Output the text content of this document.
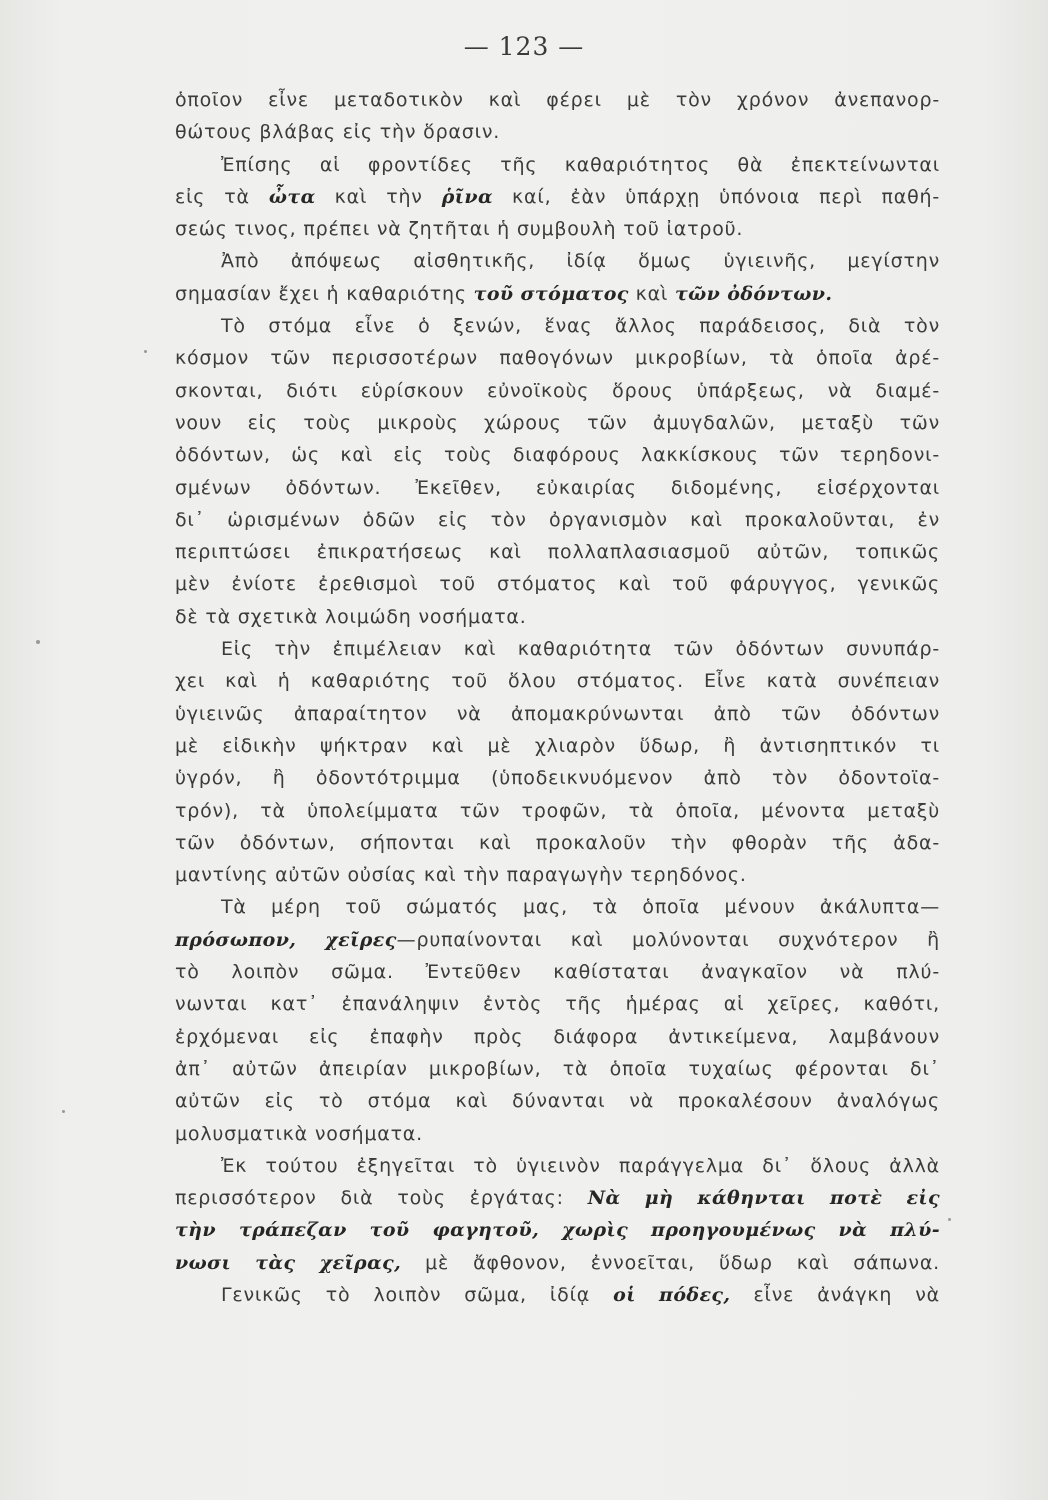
— 123 —
ὁποῖον εἶνε μεταδοτικὸν καὶ φέρει μὲ τὸν χρόνον ἀνεπανορ-
θώτους βλάβας εἰς τὴν ὅρασιν.
Ἐπίσης αἱ φροντίδες τῆς καθαριότητος θὰ ἐπεκτείνωνται
εἰς τὰ ὦτα καὶ τὴν ῥῖνα καί, ἐὰν ὑπάρχῃ ὑπόνοια περὶ παθή-
σεώς τινος, πρέπει νὰ ζητῆται ἡ συμβουλὴ τοῦ ἰατροῦ.
Ἀπὸ ἀπόψεως αἰσθητικῆς, ἰδίᾳ ὅμως ὑγιεινῆς, μεγίστην
σημασίαν ἔχει ἡ καθαριότης τοῦ στόματος καὶ τῶν ὀδόντων.
Τὸ στόμα εἶνε ὁ ξενών, ἕνας ἄλλος παράδεισος, διὰ τὸν
κόσμον τῶν περισσοτέρων παθογόνων μικροβίων, τὰ ὁποῖα ἀρέ-
σκονται, διότι εὑρίσκουν εὐνοϊκοὺς ὅρους ὑπάρξεως, νὰ διαμέ-
νουν εἰς τοὺς μικροὺς χώρους τῶν ἀμυγδαλῶν, μεταξὺ τῶν
ὀδόντων, ὡς καὶ εἰς τοὺς διαφόρους λακκίσκους τῶν τερηδονι-
σμένων ὀδόντων. Ἐκεῖθεν, εὐκαιρίας διδομένης, εἰσέρχονται
δι᾿ ὡρισμένων ὁδῶν εἰς τὸν ὀργανισμὸν καὶ προκαλοῦνται, ἐν
περιπτώσει ἐπικρατήσεως καὶ πολλαπλασιασμοῦ αὐτῶν, τοπικῶς
μὲν ἐνίοτε ἐρεθισμοὶ τοῦ στόματος καὶ τοῦ φάρυγγος, γενικῶς
δὲ τὰ σχετικὰ λοιμώδη νοσήματα.
Εἰς τὴν ἐπιμέλειαν καὶ καθαριότητα τῶν ὀδόντων συνυπάρ-
χει καὶ ἡ καθαριότης τοῦ ὅλου στόματος. Εἶνε κατὰ συνέπειαν
ὑγιεινῶς ἀπαραίτητον νὰ ἀπομακρύνωνται ἀπὸ τῶν ὀδόντων
μὲ εἰδικὴν ψήκτραν καὶ μὲ χλιαρὸν ὕδωρ, ἢ ἀντισηπτικόν τι
ὑγρόν, ἢ ὀδοντότριμμα (ὑποδεικνυόμενον ἀπὸ τὸν ὀδοντοϊα-
τρόν), τὰ ὑπολείμματα τῶν τροφῶν, τὰ ὁποῖα, μένοντα μεταξὺ
τῶν ὀδόντων, σήπονται καὶ προκαλοῦν τὴν φθορὰν τῆς ἀδα-
μαντίνης αὐτῶν οὐσίας καὶ τὴν παραγωγὴν τερηδόνος.
Τὰ μέρη τοῦ σώματός μας, τὰ ὁποῖα μένουν ἀκάλυπτα—
πρόσωπον, χεῖρες—ρυπαίνονται καὶ μολύνονται συχνότερον ἢ
τὸ λοιπὸν σῶμα. Ἐντεῦθεν καθίσταται ἀναγκαῖον νὰ πλύ-
νωνται κατ᾿ ἐπανάληψιν ἐντὸς τῆς ἡμέρας αἱ χεῖρες, καθότι,
ἐρχόμεναι εἰς ἐπαφὴν πρὸς διάφορα ἀντικείμενα, λαμβάνουν
ἀπ᾿ αὐτῶν ἀπειρίαν μικροβίων, τὰ ὁποῖα τυχαίως φέρονται δι᾿
αὐτῶν εἰς τὸ στόμα καὶ δύνανται νὰ προκαλέσουν ἀναλόγως
μολυσματικὰ νοσήματα.
Ἐκ τούτου ἐξηγεῖται τὸ ὑγιεινὸν παράγγελμα δι᾿ ὅλους ἀλλὰ
περισσότερον διὰ τοὺς ἐργάτας: Νὰ μὴ κάθηνται ποτὲ εἰς
τὴν τράπεζαν τοῦ φαγητοῦ, χωρὶς προηγουμένως νὰ πλύ-
νωσι τὰς χεῖρας, μὲ ἄφθονον, ἐννοεῖται, ὕδωρ καὶ σάπωνα.
Γενικῶς τὸ λοιπὸν σῶμα, ἰδίᾳ οἱ πόδες, εἶνε ἀνάγκη νὰ
